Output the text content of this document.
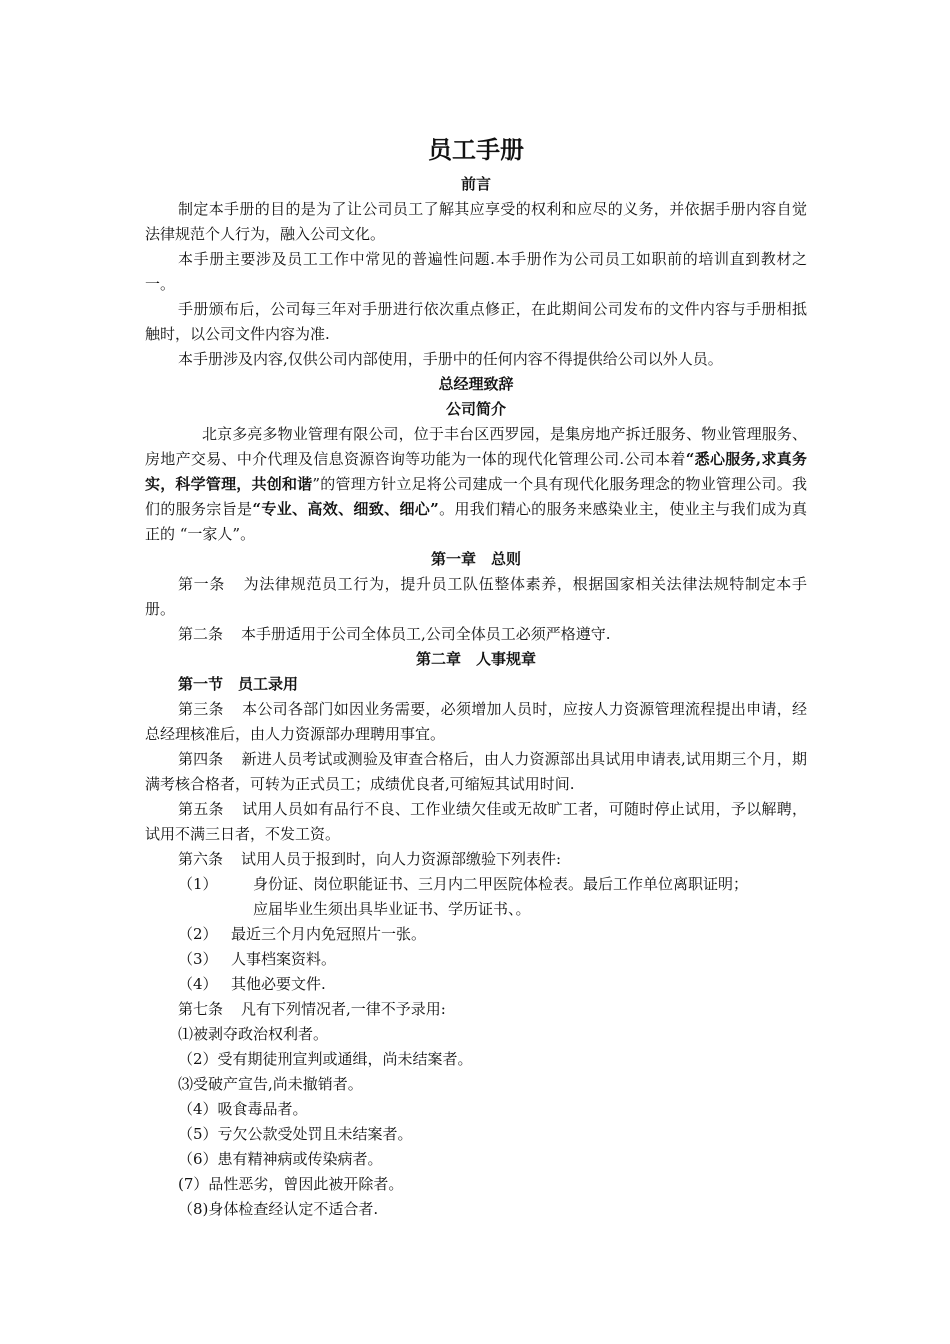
员工手册
前言

制定本手册的目的是为了让公司员工了解其应享受的权利和应尽的义务，并依据手册内容自觉法律规范个人行为，融入公司文化。

本手册主要涉及员工工作中常见的普遍性问题.本手册作为公司员工如职前的培训直到教材之一。

手册颁布后，公司每三年对手册进行依次重点修正，在此期间公司发布的文件内容与手册相抵触时，以公司文件内容为准.

本手册涉及内容,仅供公司内部使用，手册中的任何内容不得提供给公司以外人员。

总经理致辞
公司简介

北京多亮多物业管理有限公司，位于丰台区西罗园，是集房地产拆迁服务、物业管理服务、房地产交易、中介代理及信息资源咨询等功能为一体的现代化管理公司.公司本着“悉心服务,求真务实，科学管理，共创和谐”的管理方针立足将公司建成一个具有现代化服务理念的物业管理公司。我们的服务宗旨是“专业、高效、细致、细心”。用我们精心的服务来感染业主，使业主与我们成为真正的 “一家人”。

第一章　总则

第一条 为法律规范员工行为，提升员工队伍整体素养，根据国家相关法律法规特制定本手册。

第二条 本手册适用于公司全体员工,公司全体员工必须严格遵守.

第二章　人事规章
第一节　员工录用

第三条 本公司各部门如因业务需要，必须增加人员时，应按人力资源管理流程提出申请，经总经理核准后，由人力资源部办理聘用事宜。

第四条 新进人员考试或测验及审查合格后，由人力资源部出具试用申请表,试用期三个月，期满考核合格者，可转为正式员工；成绩优良者,可缩短其试用时间.

第五条 试用人员如有品行不良、工作业绩欠佳或无故旷工者，可随时停止试用，予以解聘，试用不满三日者，不发工资。

第六条 试用人员于报到时，向人力资源部缴验下列表件:

（1） 身份证、岗位职能证书、三月内二甲医院体检表。最后工作单位离职证明；
应届毕业生须出具毕业证书、学历证书、。
（2） 最近三个月内免冠照片一张。
（3） 人事档案资料。
（4） 其他必要文件.

第七条 凡有下列情况者,一律不予录用:

⑴被剥夺政治权利者。
（2）受有期徒刑宣判或通缉，尚未结案者。
⑶受破产宣告,尚未撤销者。
（4）吸食毒品者。
（5）亏欠公款受处罚且未结案者。
（6）患有精神病或传染病者。
(7）品性恶劣，曾因此被开除者。
（8)身体检查经认定不适合者.
